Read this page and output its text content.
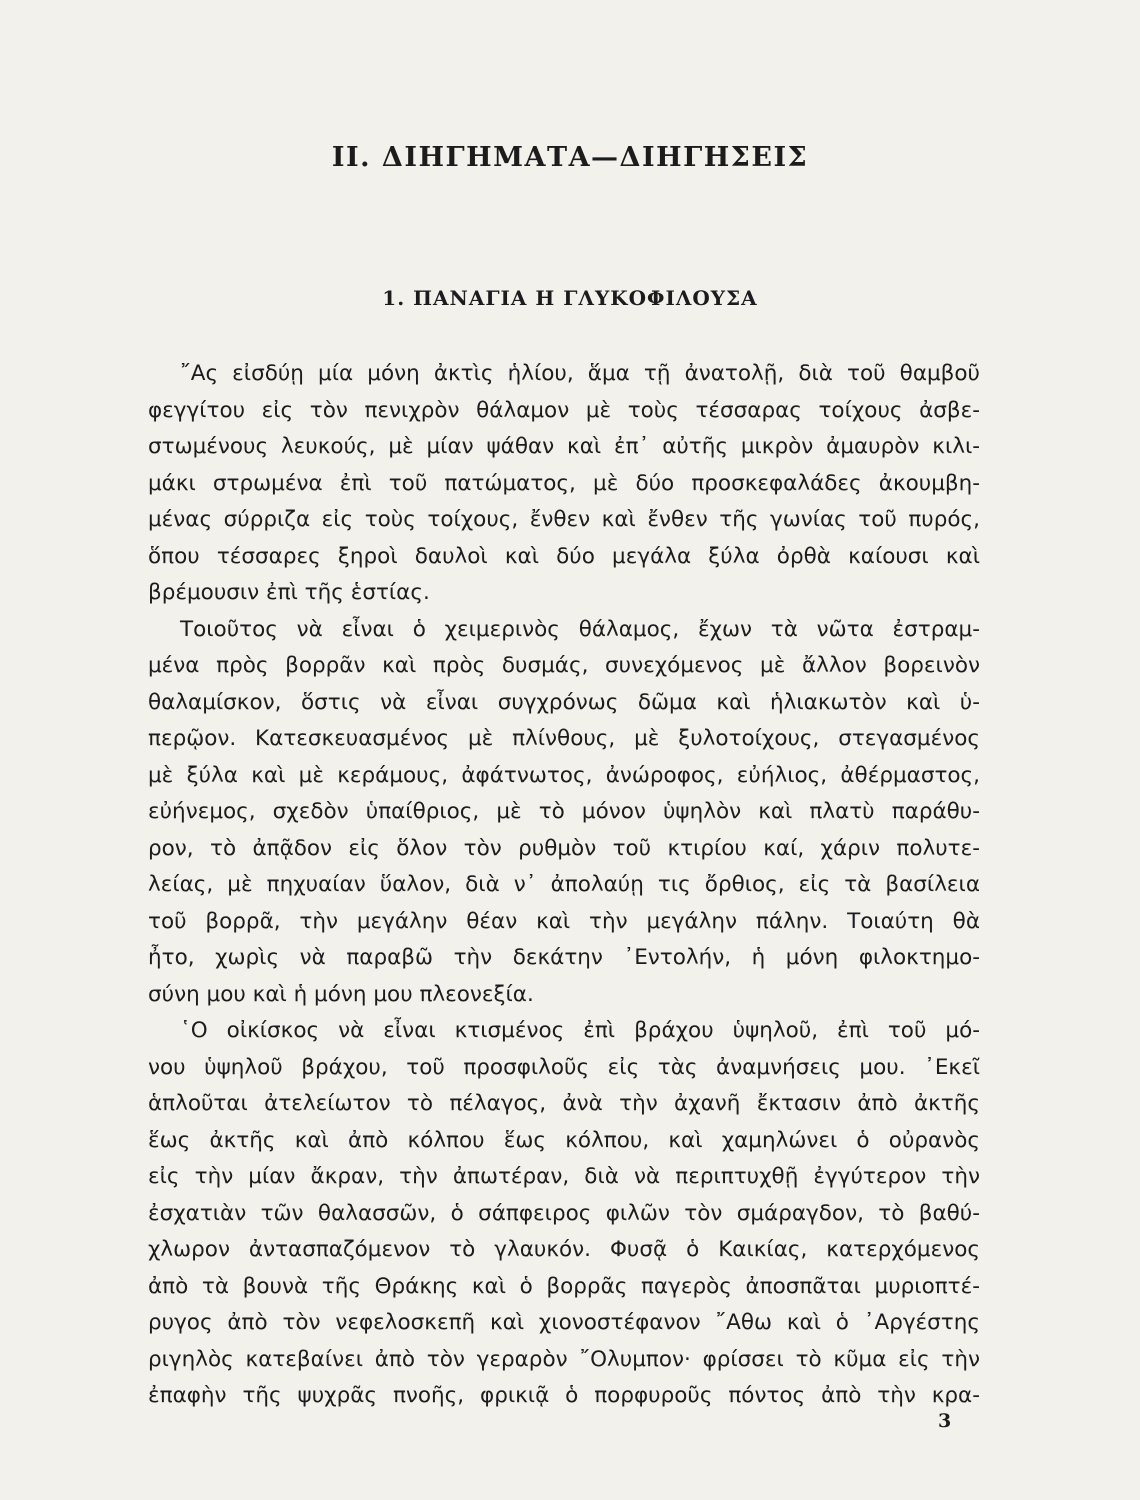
II. ΔΙΗΓΗΜΑΤΑ—ΔΙΗΓΗΣΕΙΣ
1. ΠΑΝΑΓΙΑ Η ΓΛΥΚΟΦΙΛΟΥΣΑ
῎Ας εἰσδύῃ μία μόνη ἀκτὶς ἡλίου, ἅμα τῇ ἀνατολῇ, διὰ τοῦ θαμβοῦ
φεγγίτου εἰς τὸν πενιχρὸν θάλαμον μὲ τοὺς τέσσαρας τοίχους ἀσβε-
στωμένους λευκούς, μὲ μίαν ψάθαν καὶ ἐπ᾽ αὐτῆς μικρὸν ἀμαυρὸν κιλι-
μάκι στρωμένα ἐπὶ τοῦ πατώματος, μὲ δύο προσκεφαλάδες ἀκουμβη-
μένας σύρριζα εἰς τοὺς τοίχους, ἔνθεν καὶ ἔνθεν τῆς γωνίας τοῦ πυρός,
ὅπου τέσσαρες ξηροὶ δαυλοὶ καὶ δύο μεγάλα ξύλα ὀρθὰ καίουσι καὶ
βρέμουσιν ἐπὶ τῆς ἑστίας.
Τοιοῦτος νὰ εἶναι ὁ χειμερινὸς θάλαμος, ἔχων τὰ νῶτα ἐστραμ-
μένα πρὸς βορρᾶν καὶ πρὸς δυσμάς, συνεχόμενος μὲ ἄλλον βορεινὸν
θαλαμίσκον, ὅστις νὰ εἶναι συγχρόνως δῶμα καὶ ἡλιακωτὸν καὶ ὑ-
περῷον. Κατεσκευασμένος μὲ πλίνθους, μὲ ξυλοτοίχους, στεγασμένος
μὲ ξύλα καὶ μὲ κεράμους, ἀφάτνωτος, ἀνώροφος, εὐήλιος, ἀθέρμαστος,
εὐήνεμος, σχεδὸν ὑπαίθριος, μὲ τὸ μόνον ὑψηλὸν καὶ πλατὺ παράθυ-
ρον, τὸ ἀπᾷδον εἰς ὅλον τὸν ρυθμὸν τοῦ κτιρίου καί, χάριν πολυτε-
λείας, μὲ πηχυαίαν ὕαλον, διὰ ν᾽ ἀπολαύῃ τις ὄρθιος, εἰς τὰ βασίλεια
τοῦ βορρᾶ, τὴν μεγάλην θέαν καὶ τὴν μεγάλην πάλην. Τοιαύτη θὰ
ἦτο, χωρὶς νὰ παραβῶ τὴν δεκάτην ᾿Εντολήν, ἡ μόνη φιλοκτημο-
σύνη μου καὶ ἡ μόνη μου πλεονεξία.
῾Ο οἰκίσκος νὰ εἶναι κτισμένος ἐπὶ βράχου ὑψηλοῦ, ἐπὶ τοῦ μό-
νου ὑψηλοῦ βράχου, τοῦ προσφιλοῦς εἰς τὰς ἀναμνήσεις μου. ᾿Εκεῖ
ἁπλοῦται ἀτελείωτον τὸ πέλαγος, ἀνὰ τὴν ἀχανῆ ἔκτασιν ἀπὸ ἀκτῆς
ἕως ἀκτῆς καὶ ἀπὸ κόλπου ἕως κόλπου, καὶ χαμηλώνει ὁ οὐρανὸς
εἰς τὴν μίαν ἄκραν, τὴν ἀπωτέραν, διὰ νὰ περιπτυχθῇ ἐγγύτερον τὴν
ἐσχατιὰν τῶν θαλασσῶν, ὁ σάπφειρος φιλῶν τὸν σμάραγδον, τὸ βαθύ-
χλωρον ἀντασπαζόμενον τὸ γλαυκόν. Φυσᾷ ὁ Καικίας, κατερχόμενος
ἀπὸ τὰ βουνὰ τῆς Θράκης καὶ ὁ βορρᾶς παγερὸς ἀποσπᾶται μυριοπτέ-
ρυγος ἀπὸ τὸν νεφελοσκεπῆ καὶ χιονοστέφανον ῎Αθω καὶ ὁ ᾿Αργέστης
ριγηλὸς κατεβαίνει ἀπὸ τὸν γεραρὸν ῎Ολυμπον· φρίσσει τὸ κῦμα εἰς τὴν
ἐπαφὴν τῆς ψυχρᾶς πνοῆς, φρικιᾷ ὁ πορφυροῦς πόντος ἀπὸ τὴν κρα-
3
